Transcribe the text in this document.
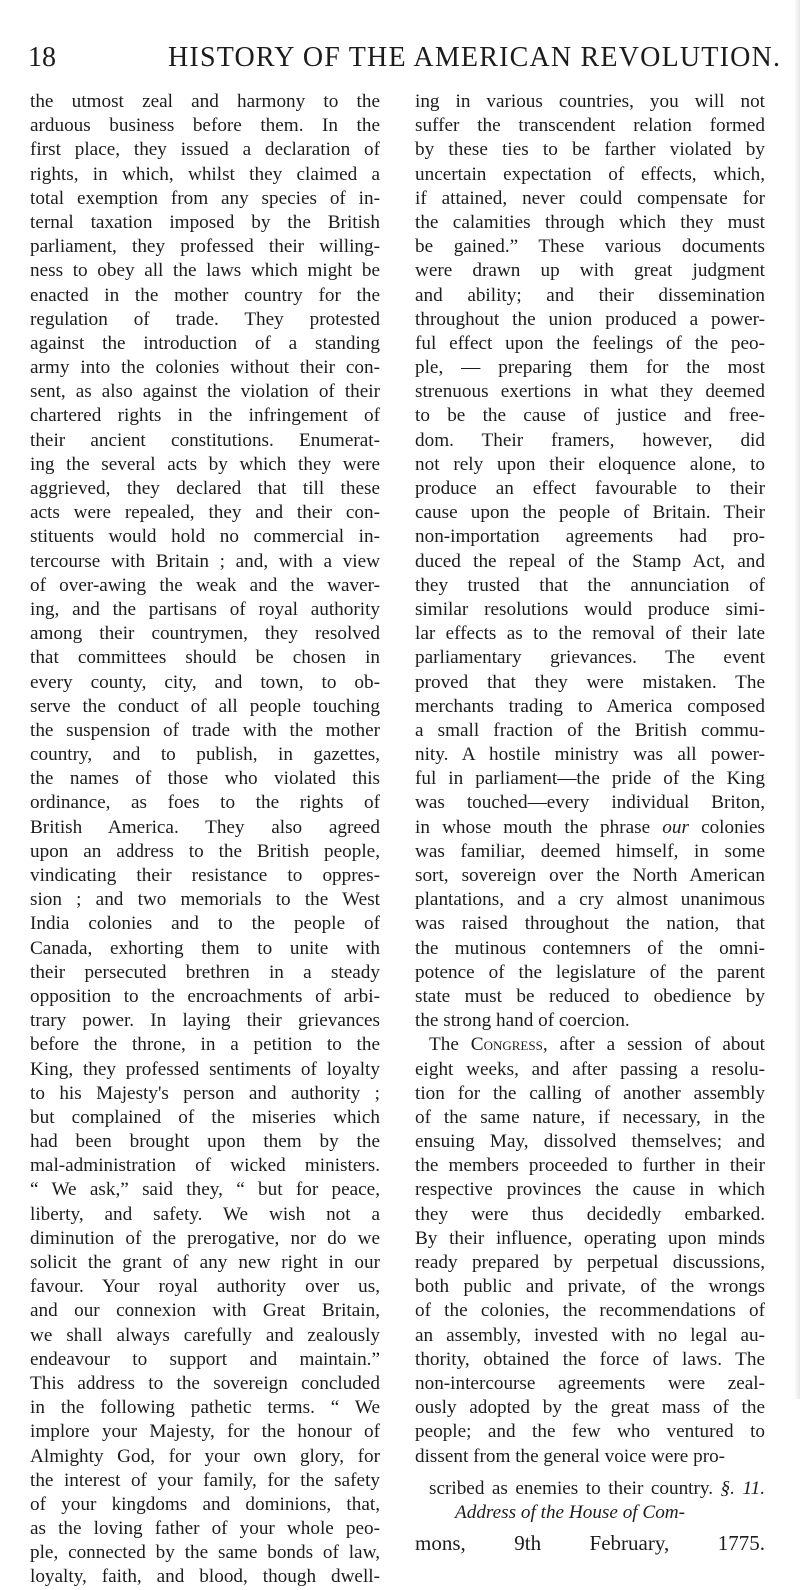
18	HISTORY OF THE AMERICAN REVOLUTION.
the utmost zeal and harmony to the
arduous business before them. In the
first place, they issued a declaration of
rights, in which, whilst they claimed a
total exemption from any species of in-
ternal taxation imposed by the British
parliament, they professed their willing-
ness to obey all the laws which might be
enacted in the mother country for the
regulation of trade. They protested
against the introduction of a standing
army into the colonies without their con-
sent, as also against the violation of their
chartered rights in the infringement of
their ancient constitutions. Enumerat-
ing the several acts by which they were
aggrieved, they declared that till these
acts were repealed, they and their con-
stituents would hold no commercial in-
tercourse with Britain ; and, with a view
of over-awing the weak and the waver-
ing, and the partisans of royal authority
among their countrymen, they resolved
that committees should be chosen in
every county, city, and town, to ob-
serve the conduct of all people touching
the suspension of trade with the mother
country, and to publish, in gazettes,
the names of those who violated this
ordinance, as foes to the rights of
British America. They also agreed
upon an address to the British people,
vindicating their resistance to oppres-
sion ; and two memorials to the West
India colonies and to the people of
Canada, exhorting them to unite with
their persecuted brethren in a steady
opposition to the encroachments of arbi-
trary power. In laying their grievances
before the throne, in a petition to the
King, they professed sentiments of loyalty
to his Majesty's person and authority ;
but complained of the miseries which
had been brought upon them by the
mal-administration of wicked ministers.
“ We ask,” said they, “ but for peace,
liberty, and safety. We wish not a
diminution of the prerogative, nor do we
solicit the grant of any new right in our
favour. Your royal authority over us,
and our connexion with Great Britain,
we shall always carefully and zealously
endeavour to support and maintain.”
This address to the sovereign concluded
in the following pathetic terms. “ We
implore your Majesty, for the honour of
Almighty God, for your own glory, for
the interest of your family, for the safety
of your kingdoms and dominions, that,
as the loving father of your whole peo-
ple, connected by the same bonds of law,
loyalty, faith, and blood, though dwell-
ing in various countries, you will not
suffer the transcendent relation formed
by these ties to be farther violated by
uncertain expectation of effects, which,
if attained, never could compensate for
the calamities through which they must
be gained.” These various documents
were drawn up with great judgment
and ability; and their dissemination
throughout the union produced a power-
ful effect upon the feelings of the peo-
ple, — preparing them for the most
strenuous exertions in what they deemed
to be the cause of justice and free-
dom. Their framers, however, did
not rely upon their eloquence alone, to
produce an effect favourable to their
cause upon the people of Britain. Their
non-importation agreements had pro-
duced the repeal of the Stamp Act, and
they trusted that the annunciation of
similar resolutions would produce simi-
lar effects as to the removal of their late
parliamentary grievances. The event
proved that they were mistaken. The
merchants trading to America composed
a small fraction of the British commu-
nity. A hostile ministry was all power-
ful in parliament—the pride of the King
was touched—every individual Briton,
in whose mouth the phrase our colonies
was familiar, deemed himself, in some
sort, sovereign over the North American
plantations, and a cry almost unanimous
was raised throughout the nation, that
the mutinous contemners of the omni-
potence of the legislature of the parent
state must be reduced to obedience by
the strong hand of coercion.
The Congress, after a session of about
eight weeks, and after passing a resolu-
tion for the calling of another assembly
of the same nature, if necessary, in the
ensuing May, dissolved themselves; and
the members proceeded to further in their
respective provinces the cause in which
they were thus decidedly embarked.
By their influence, operating upon minds
ready prepared by perpetual discussions,
both public and private, of the wrongs
of the colonies, the recommendations of
an assembly, invested with no legal au-
thority, obtained the force of laws. The
non-intercourse agreements were zeal-
ously adopted by the great mass of the
people; and the few who ventured to
dissent from the general voice were pro-
scribed as enemies to their country. §. 11.
Address of the House of Com-
mons, 9th February, 1775.
